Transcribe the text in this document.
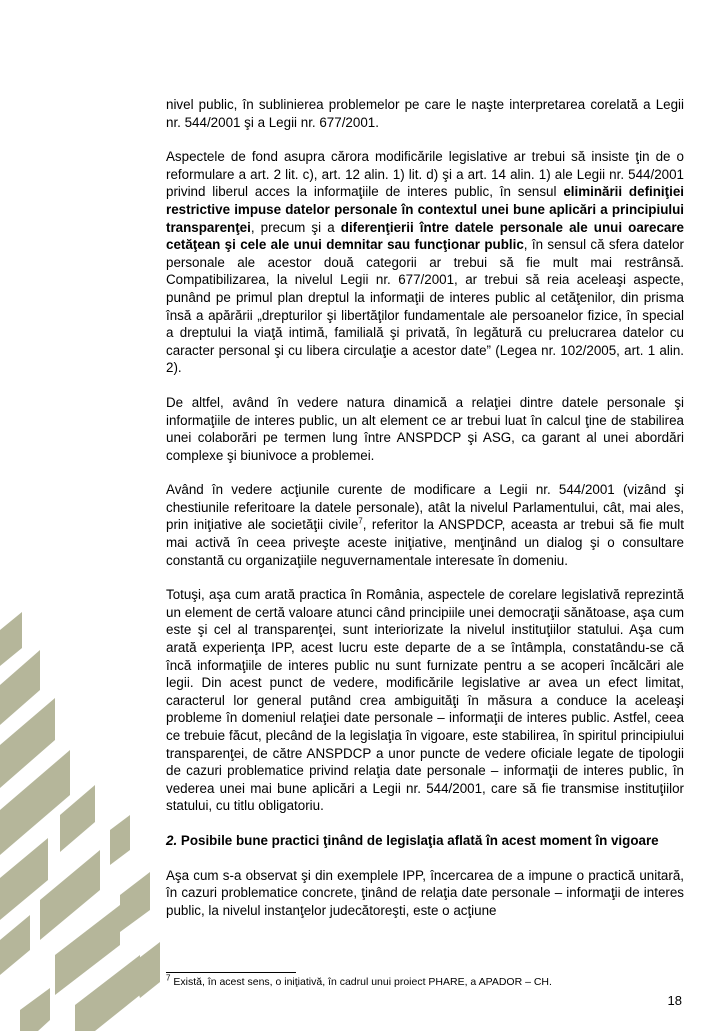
nivel public, în sublinierea problemelor pe care le naşte interpretarea corelată a Legii nr. 544/2001 şi a Legii nr. 677/2001.

Aspectele de fond asupra cărora modificările legislative ar trebui să insiste ţin de o reformulare a art. 2 lit. c), art. 12 alin. 1) lit. d) şi a art. 14 alin. 1) ale Legii nr. 544/2001 privind liberul acces la informaţiile de interes public, în sensul eliminării definiţiei restrictive impuse datelor personale în contextul unei bune aplicări a principiului transparenţei, precum şi a diferenţierii între datele personale ale unui oarecare cetăţean şi cele ale unui demnitar sau funcţionar public, în sensul că sfera datelor personale ale acestor două categorii ar trebui să fie mult mai restrânsă. Compatibilizarea, la nivelul Legii nr. 677/2001, ar trebui să reia aceleaşi aspecte, punând pe primul plan dreptul la informaţii de interes public al cetăţenilor, din prisma însă a apărării „drepturilor şi libertăţilor fundamentale ale persoanelor fizice, în special a dreptului la viaţă intimă, familială şi privată, în legătură cu prelucrarea datelor cu caracter personal şi cu libera circulaţie a acestor date” (Legea nr. 102/2005, art. 1 alin. 2).

De altfel, având în vedere natura dinamică a relaţiei dintre datele personale şi informaţiile de interes public, un alt element ce ar trebui luat în calcul ţine de stabilirea unei colaborări pe termen lung între ANSPDCP şi ASG, ca garant al unei abordări complexe şi biunivoce a problemei.

Având în vedere acţiunile curente de modificare a Legii nr. 544/2001 (vizând şi chestiunile referitoare la datele personale), atât la nivelul Parlamentului, cât, mai ales, prin iniţiative ale societăţii civile$^7$, referitor la ANSPDCP, aceasta ar trebui să fie mult mai activă în ceea priveşte aceste iniţiative, menţinând un dialog şi o consultare constantă cu organizaţiile neguvernamentale interesate în domeniu.

Totuşi, aşa cum arată practica în România, aspectele de corelare legislativă reprezintă un element de certă valoare atunci când principiile unei democraţii sănătoase, aşa cum este şi cel al transparenţei, sunt interiorizate la nivelul instituţiilor statului. Aşa cum arată experienţa IPP, acest lucru este departe de a se întâmpla, constatându-se că încă informaţiile de interes public nu sunt furnizate pentru a se acoperi încălcări ale legii. Din acest punct de vedere, modificările legislative ar avea un efect limitat, caracterul lor general putând crea ambiguităţi în măsura a conduce la aceleaşi probleme în domeniul relaţiei date personale – informaţii de interes public. Astfel, ceea ce trebuie făcut, plecând de la legislaţia în vigoare, este stabilirea, în spiritul principiului transparenţei, de către ANSPDCP a unor puncte de vedere oficiale legate de tipologii de cazuri problematice privind relaţia date personale – informaţii de interes public, în vederea unei mai bune aplicări a Legii nr. 544/2001, care să fie transmise instituţiilor statului, cu titlu obligatoriu.

2. Posibile bune practici ţinând de legislaţia aflată în acest moment în vigoare

Aşa cum s-a observat şi din exemplele IPP, încercarea de a impune o practică unitară, în cazuri problematice concrete, ţinând de relaţia date personale – informaţii de interes public, la nivelul instanţelor judecătoreşti, este o acţiune

$^7$ Există, în acest sens, o iniţiativă, în cadrul unui proiect PHARE, a APADOR – CH.
18
